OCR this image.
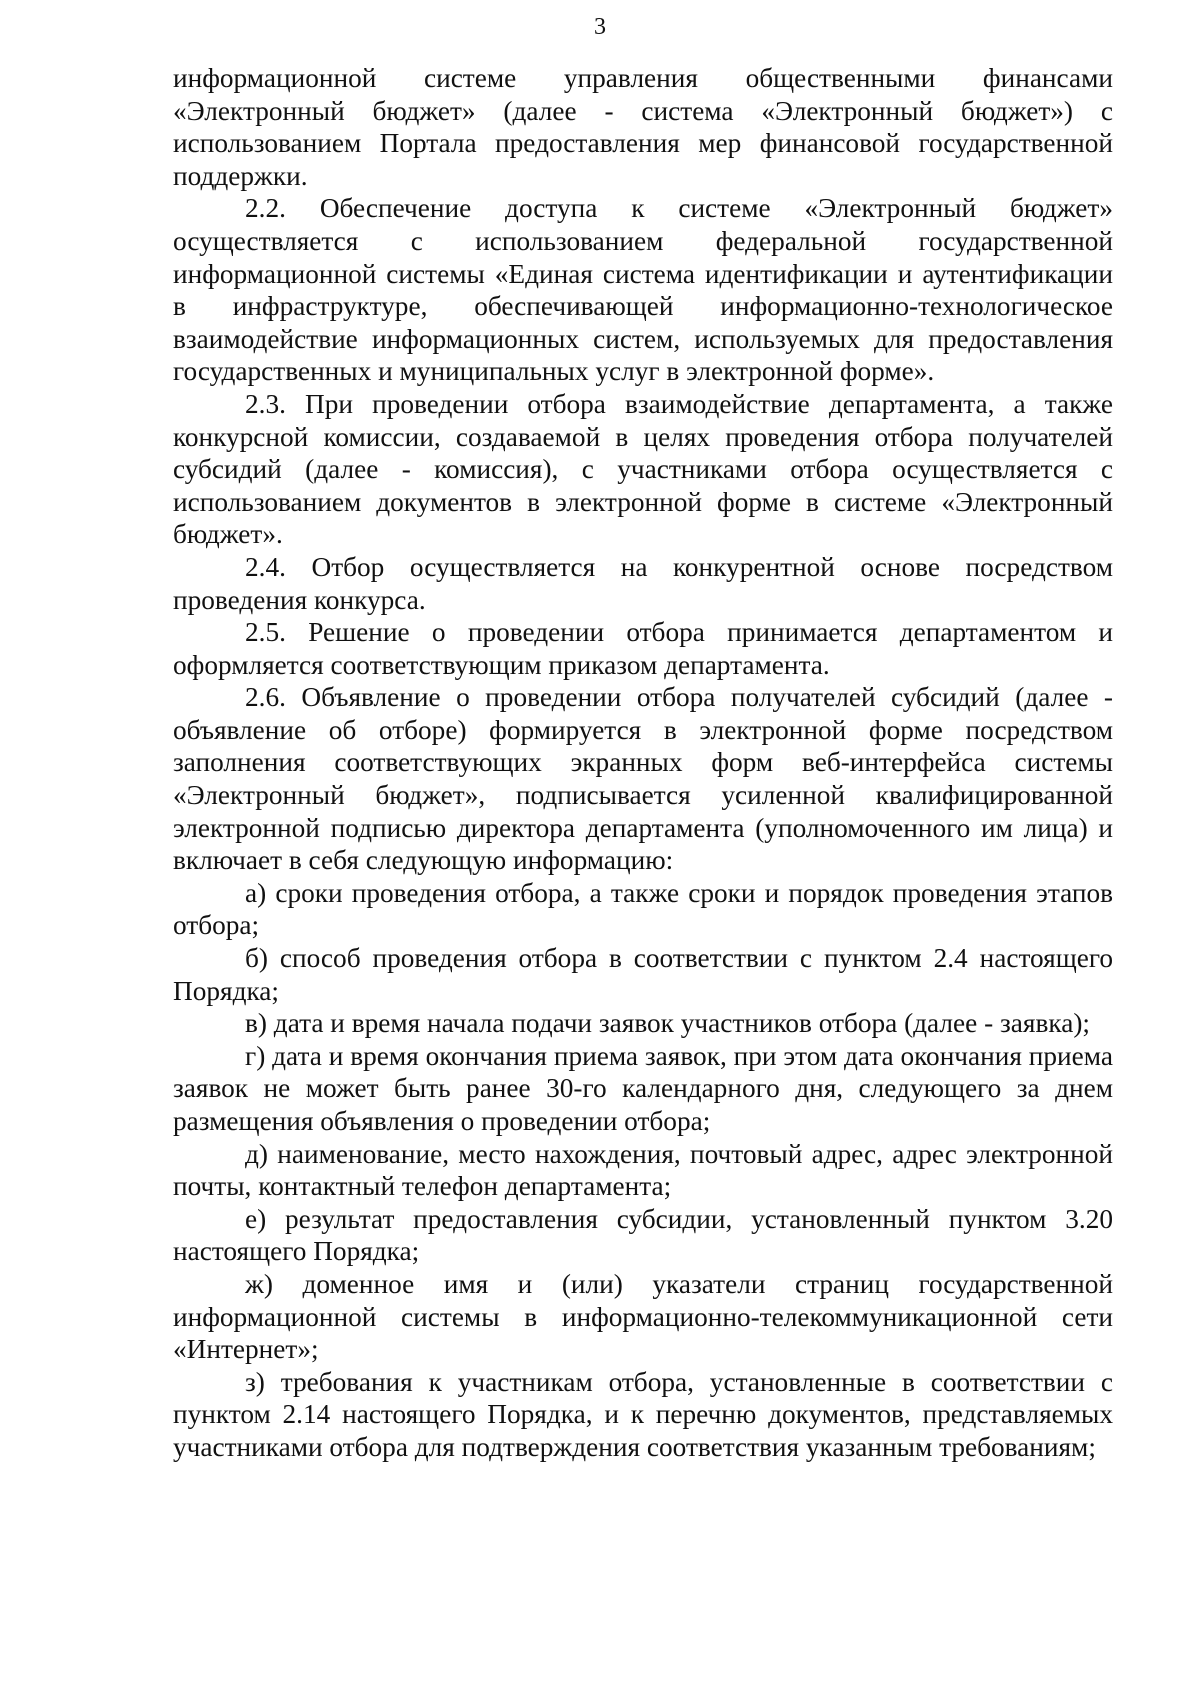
3

информационной системе управления общественными финансами «Электронный бюджет» (далее - система «Электронный бюджет») с использованием Портала предоставления мер финансовой государственной поддержки.

2.2. Обеспечение доступа к системе «Электронный бюджет» осуществляется с использованием федеральной государственной информационной системы «Единая система идентификации и аутентификации в инфраструктуре, обеспечивающей информационно-технологическое взаимодействие информационных систем, используемых для предоставления государственных и муниципальных услуг в электронной форме».

2.3. При проведении отбора взаимодействие департамента, а также конкурсной комиссии, создаваемой в целях проведения отбора получателей субсидий (далее - комиссия), с участниками отбора осуществляется с использованием документов в электронной форме в системе «Электронный бюджет».

2.4. Отбор осуществляется на конкурентной основе посредством проведения конкурса.

2.5. Решение о проведении отбора принимается департаментом и оформляется соответствующим приказом департамента.

2.6. Объявление о проведении отбора получателей субсидий (далее - объявление об отборе) формируется в электронной форме посредством заполнения соответствующих экранных форм веб-интерфейса системы «Электронный бюджет», подписывается усиленной квалифицированной электронной подписью директора департамента (уполномоченного им лица) и включает в себя следующую информацию:

а) сроки проведения отбора, а также сроки и порядок проведения этапов отбора;

б) способ проведения отбора в соответствии с пунктом 2.4 настоящего Порядка;

в) дата и время начала подачи заявок участников отбора (далее - заявка);

г) дата и время окончания приема заявок, при этом дата окончания приема заявок не может быть ранее 30-го календарного дня, следующего за днем размещения объявления о проведении отбора;

д) наименование, место нахождения, почтовый адрес, адрес электронной почты, контактный телефон департамента;

е) результат предоставления субсидии, установленный пунктом 3.20 настоящего Порядка;

ж) доменное имя и (или) указатели страниц государственной информационной системы в информационно-телекоммуникационной сети «Интернет»;

з) требования к участникам отбора, установленные в соответствии с пунктом 2.14 настоящего Порядка, и к перечню документов, представляемых участниками отбора для подтверждения соответствия указанным требованиям;
